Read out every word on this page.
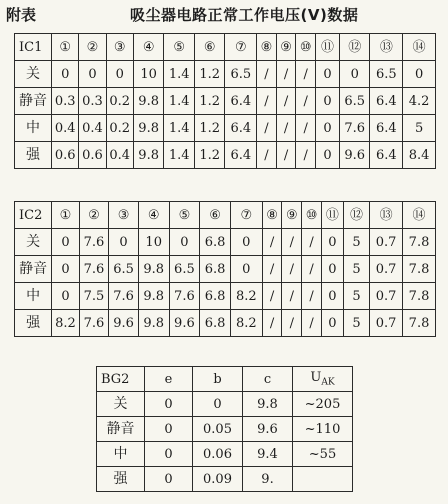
附表	吸尘器电路正常工作电压(V)数据
IC1	①	②	③	④	⑤	⑥	⑦	⑧	⑨	⑩	⑪	⑫	⑬	⑭
关	0	0	0	10	1.4	1.2	6.5	/	/	/	0	0	6.5	0
静音	0.3	0.3	0.2	9.8	1.4	1.2	6.4	/	/	/	0	6.5	6.4	4.2
中	0.4	0.4	0.2	9.8	1.4	1.2	6.4	/	/	/	0	7.6	6.4	5
强	0.6	0.6	0.4	9.8	1.4	1.2	6.4	/	/	/	0	9.6	6.4	8.4
IC2	①	②	③	④	⑤	⑥	⑦	⑧	⑨	⑩	⑪	⑫	⑬	⑭
关	0	7.6	0	10	0	6.8	0	/	/	/	0	5	0.7	7.8
静音	0	7.6	6.5	9.8	6.5	6.8	0	/	/	/	0	5	0.7	7.8
中	0	7.5	7.6	9.8	7.6	6.8	8.2	/	/	/	0	5	0.7	7.8
强	8.2	7.6	9.6	9.8	9.6	6.8	8.2	/	/	/	0	5	0.7	7.8
BG2	e	b	c	$U_{AK}$
关	0	0	9.8	~205
静音	0	0.05	9.6	~110
中	0	0.06	9.4	~55
强	0	0.09	9.	
